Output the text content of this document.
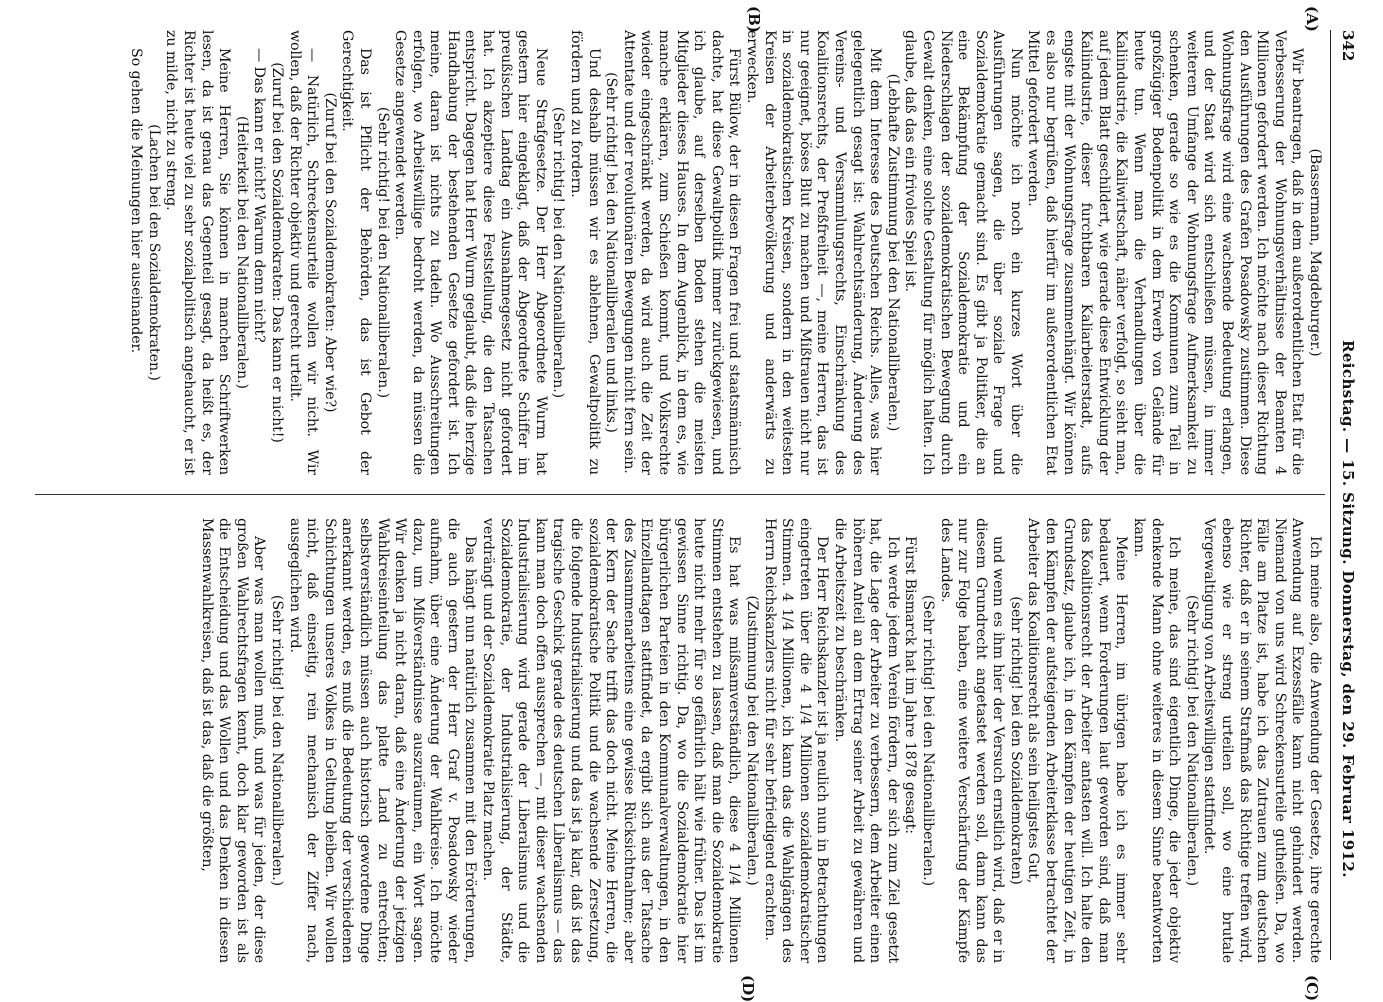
342
Reichstag. — 15. Sitzung. Donnerstag, den 29. Februar 1912.
(A)
(B)
(C)
(D)

(Bassermann, Magdeburger.)

Wir beantragen, daß in dem außerordentlichen Etat für die Verbesserung der Wohnungsverhältnisse der Beamten 4 Millionen gefordert werden. Ich möchte nach dieser Richtung den Ausführungen des Grafen Posadowsky zustimmen. Diese Wohnungsfrage wird eine wachsende Bedeutung erlangen, und der Staat wird sich entschließen müssen, in immer weiterem Umfange der Wohnungsfrage Aufmerksamkeit zu schenken, gerade so wie es die Kommunen zum Teil in großzügiger Bodenpolitik in dem Erwerb von Gelände für heute tun. Wenn man die Verhandlungen über die Kaliindustrie, die Kaliwirtschaft, näher verfolgt, so sieht man, auf jedem Blatt geschildert, wie gerade diese Entwicklung der Kaliindustrie, dieser furchtbaren Kaliarbeiterstadt, aufs engste mit der Wohnungsfrage zusammenhängt. Wir können es also nur begrüßen, daß hierfür im außerordentlichen Etat Mittel gefordert werden.

Nun möchte ich noch ein kurzes Wort über die Ausführungen sagen, die über soziale Frage und Sozialdemokratie gemacht sind. Es gibt ja Politiker, die an eine Bekämpfung der Sozialdemokratie und ein Niederschlagen der sozialdemokratischen Bewegung durch Gewalt denken, eine solche Gestaltung für möglich halten. Ich glaube, daß das ein frivoles Spiel ist.

(Lebhafte Zustimmung bei den Nationalliberalen.)

Mit dem Interesse des Deutschen Reichs. Alles, was hier gelegentlich gesagt ist: Wahlrechtsänderung, Änderung des Vereins- und Versammlungsrechts, Einschränkung des Koalitionsrechts, der Preßfreiheit —, meine Herren, das ist nur geeignet, böses Blut zu machen und Mißtrauen nicht nur in sozialdemokratischen Kreisen, sondern in den weitesten Kreisen der Arbeiterbevölkerung und anderwärts zu erwecken.

Fürst Bülow, der in diesen Fragen frei und staatsmännisch dachte, hat diese Gewaltpolitik immer zurückgewiesen, und ich glaube, auf derselben Boden stehen die meisten Mitglieder dieses Hauses. In dem Augenblick, in dem es, wie manche erklären, zum Schießen kommt, und Volksrechte wieder eingeschränkt werden, da wird auch die Zeit der Attentate und der revolutionären Bewegungen nicht fern sein.

(Sehr richtig! bei den Nationalliberalen und links.)

Und deshalb müssen wir es ablehnen, Gewaltpolitik zu fördern und zu fordern.

(Sehr richtig! bei den Nationalliberalen.)

Neue Strafgesetze. Der Herr Abgeordnete Wurm hat gestern hier eingeklagt, daß der Abgeordnete Schiffer im preußischen Landtag ein Ausnahmegesetz nicht gefordert hat. Ich akzeptiere diese Feststellung, die den Tatsachen entspricht. Dagegen hat Herr Wurm geglaubt, daß die herzige Handhabung der bestehenden Gesetze gefordert ist. Ich meine, daran ist nichts zu tadeln. Wo Ausschreitungen erfolgen, wo Arbeitswillige bedroht werden, da müssen die Gesetze angewendet werden.

(Sehr richtig! bei den Nationalliberalen.)

Das ist Pflicht der Behörden, das ist Gebot der Gerechtigkeit.

(Zuruf bei den Sozialdemokraten: Aber wie?)

— Natürlich, Schreckensurteile wollen wir nicht. Wir wollen, daß der Richter objektiv und gerecht urteilt.

(Zuruf bei den Sozialdemokraten: Das kann er nicht!)

— Das kann er nicht? Warum denn nicht?

(Heiterkeit bei den Nationalliberalen.)

Meine Herren, Sie können in manchen Schriftwerken lesen, da ist genau das Gegenteil gesagt, da heißt es, der Richter ist heute viel zu sehr sozialpolitisch angehaucht, er ist zu milde, nicht zu streng.

(Lachen bei den Sozialdemokraten.)

So gehen die Meinungen hier auseinander.

Ich meine also, die Anwendung der Gesetze, ihre gerechte Anwendung auf Exzessfälle kann nicht gehindert werden. Niemand von uns wird Schreckensurteile gutheißen. Da, wo Fälle am Platze ist, habe ich das Zutrauen zum deutschen Richter, daß er in seinem Strafmaß das Richtige treffen wird, ebenso wie er streng urteilen soll, wo eine brutale Vergewaltigung von Arbeitswilligen stattfindet.

(Sehr richtig! bei den Nationalliberalen.)

Ich meine, das sind eigentlich Dinge, die jeder objektiv denkende Mann ohne weiteres in diesem Sinne beantworten kann.

Meine Herren, im übrigen habe ich es immer sehr bedauert, wenn Forderungen laut geworden sind, daß man das Koalitionsrecht der Arbeiter antasten will. Ich halte den Grundsatz, glaube ich, in den Kämpfen der heutigen Zeit, in den Kämpfen der aufsteigenden Arbeiterklasse betrachtet der Arbeiter das Koalitionsrecht als sein heiligstes Gut,

(sehr richtig! bei den Sozialdemokraten)

und wenn es ihm hier der Versuch ernstlich wird, daß er in diesem Grundrecht angetastet werden soll, dann kann das nur zur Folge haben, eine weitere Verschärfung der Kämpfe des Landes.

(Sehr richtig! bei den Nationalliberalen.)

Fürst Bismarck hat im Jahre 1878 gesagt:

Ich werde jedem Verein fördern, der sich zum Ziel gesetzt hat, die Lage der Arbeiter zu verbessern, dem Arbeiter einen höheren Anteil an dem Ertrag seiner Arbeit zu gewähren und die Arbeitszeit zu beschränken.

Der Herr Reichskanzler ist ja neulich nun in Betrachtungen eingetreten über die 4 1/4 Millionen sozialdemokratischer Stimmen. 4 1/4 Millionen, ich kann das die Wahlgängen des Herrn Reichskanzlers nicht für sehr befriedigend erachten.

(Zustimmung bei den Nationalliberalen.)

Es hat was mißsamverständlich, diese 4 1/4 Millionen Stimmen entstehen zu lassen, daß man die Sozialdemokratie heute nicht mehr für so gefährlich hält wie früher. Das ist im gewissen Sinne richtig. Da, wo die Sozialdemokratie hier bürgerlichen Parteien in den Kommunalverwaltungen, in den Einzellandtagen stattfindet, da ergibt sich aus der Tatsache des Zusammenarbeitens eine gewisse Rücksichtnahme; aber der Kern der Sache trifft das doch nicht. Meine Herren, die sozialdemokratische Politik und die wachsende Zersetzung, die folgende Industrialisierung und das ist ja klar, daß ist das tragische Geschick gerade des deutschen Liberalismus — das kann man doch offen aussprechen —, mit dieser wachsenden Industrialisierung wird gerade der Liberalismus und die Sozialdemokratie, der Industrialisierung, der Städte, verdrängt und der Sozialdemokratie Platz machen.

Das hängt nun natürlich zusammen mit den Erörterungen, die auch gestern der Herr Graf v. Posadowsky wieder aufnahm, über eine Änderung der Wahlkreise. Ich möchte dazu, um Mißverständnisse auszuräumen, ein Wort sagen. Wir denken ja nicht daran, daß eine Änderung der jetzigen Wahlkreiseinteilung das platte Land zu entrechten; selbstverständlich müssen auch historisch gewordene Dinge anerkannt werden, es muß die Bedeutung der verschiedenen Schichtungen unseres Volkes in Geltung bleiben. Wir wollen nicht, daß einseitig, rein mechanisch der Ziffer nach, ausgeglichen wird.

(Sehr richtig! bei den Nationalliberalen.)

Aber was man wollen muß, und was für jeden, der diese großen Wahlrechtsfragen kennt, doch klar geworden ist als die Entscheidung und das Wollen und das Denken in diesen Massenwahlkreisen, daß ist das, daß die größten,
